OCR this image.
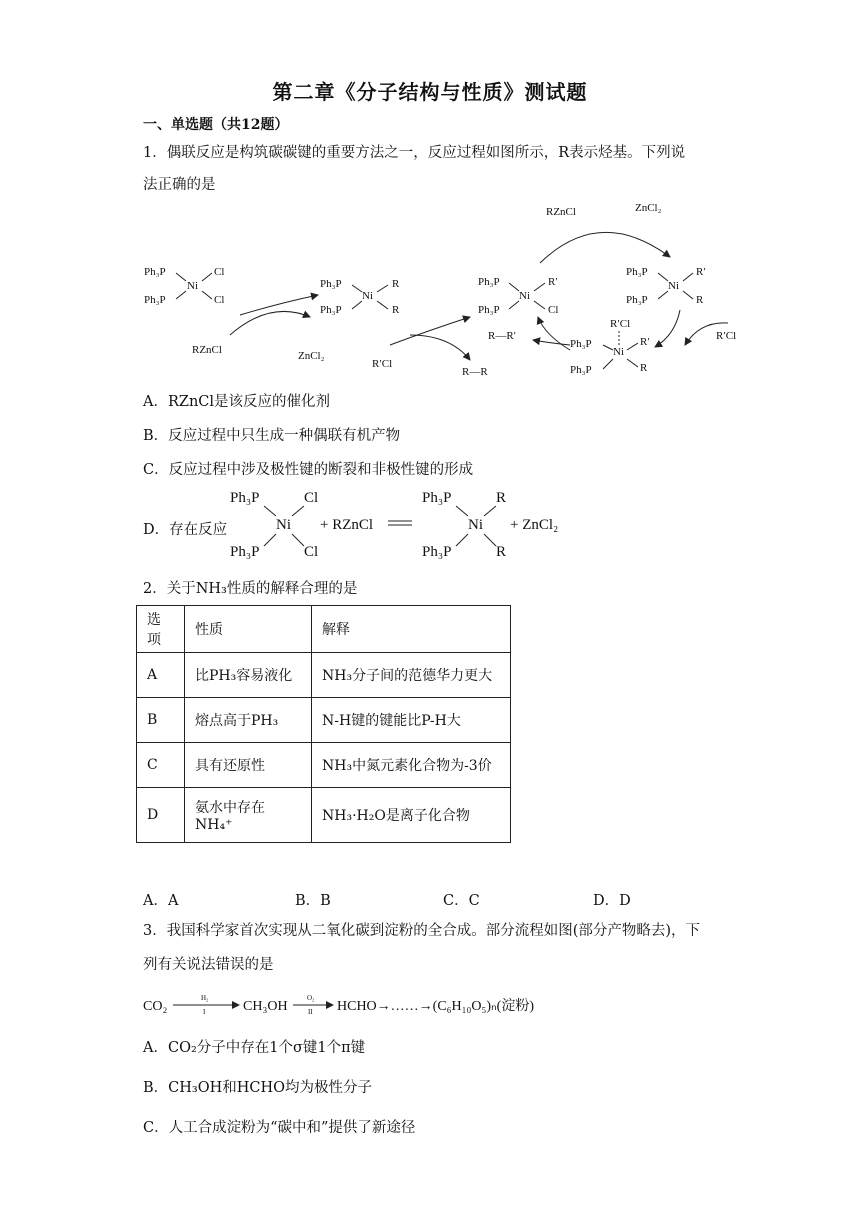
第二章《分子结构与性质》测试题
一、单选题（共12题）
1．偶联反应是构筑碳碳键的重要方法之一，反应过程如图所示，R表示烃基。下列说
法正确的是
Ph₃P
Ph₃P
Ni
Cl
Cl
RZnCl	ZnCl₂
Ph₃P
Ph₃P
Ni
R
R
R′Cl
R—R
Ph₃P
Ph₃P
Ni
R′
Cl
RZnCl	ZnCl₂
Ph₃P
Ph₃P
Ni
R′
R
R′Cl
Ph₃P
Ph₃P
Ni
R′Cl
R′
R
R—R′
A．RZnCl是该反应的催化剂
B．反应过程中只生成一种偶联有机产物
C．反应过程中涉及极性键的断裂和非极性键的形成
D．存在反应
Ph₃P
Ph₃P
Ni
Cl
Cl
+ RZnCl
Ph₃P
Ph₃P
Ni
R
R
+ ZnCl₂
2．关于NH₃性质的解释合理的是
选项	性质	解释
A	比PH₃容易液化	NH₃分子间的范德华力更大
B	熔点高于PH₃	N-H键的键能比P-H大
C	具有还原性	NH₃中氮元素化合物为-3价
D	氨水中存在NH₄⁺	NH₃·H₂O是离子化合物
A．A	B．B	C．C	D．D
3．我国科学家首次实现从二氧化碳到淀粉的全合成。部分流程如图(部分产物略去)，下
列有关说法错误的是
CO₂
H₂
I	CH₃OH
O₂
II HCHO→……→(C₆H₁₀O₅)ₙ(淀粉)
A．CO₂分子中存在1个σ键1个π键
B．CH₃OH和HCHO均为极性分子
C．人工合成淀粉为“碳中和”提供了新途径
